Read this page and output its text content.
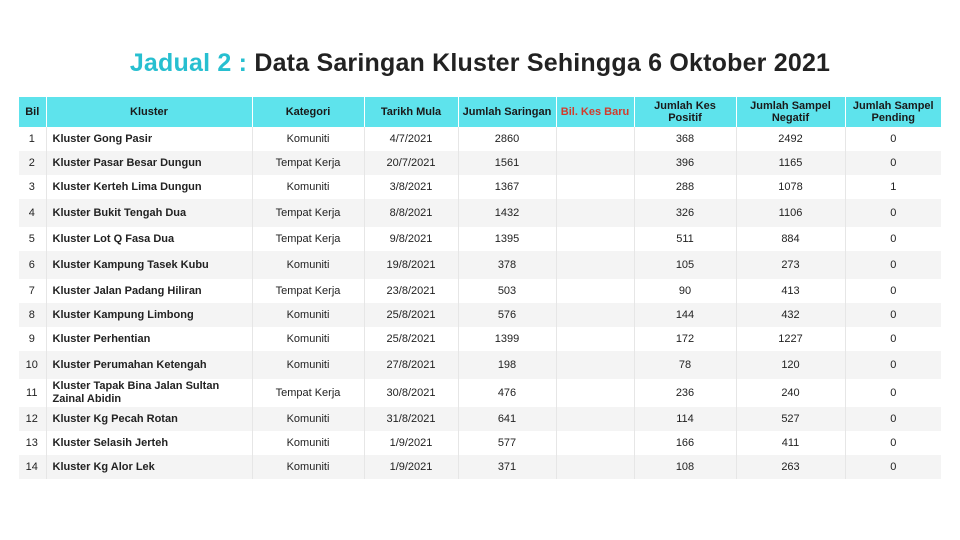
Jadual 2 : Data Saringan Kluster Sehingga 6 Oktober 2021
Bil	Kluster	Kategori	Tarikh Mula	Jumlah Saringan	Bil. Kes Baru	Jumlah Kes Positif	Jumlah Sampel Negatif	Jumlah Sampel Pending
1	Kluster Gong Pasir	Komuniti	4/7/2021	2860		368	2492	0
2	Kluster Pasar Besar Dungun	Tempat Kerja	20/7/2021	1561		396	1165	0
3	Kluster Kerteh Lima Dungun	Komuniti	3/8/2021	1367		288	1078	1
4	Kluster Bukit Tengah Dua	Tempat Kerja	8/8/2021	1432		326	1106	0
5	Kluster Lot Q Fasa Dua	Tempat Kerja	9/8/2021	1395		511	884	0
6	Kluster Kampung Tasek Kubu	Komuniti	19/8/2021	378		105	273	0
7	Kluster Jalan Padang Hiliran	Tempat Kerja	23/8/2021	503		90	413	0
8	Kluster Kampung Limbong	Komuniti	25/8/2021	576		144	432	0
9	Kluster Perhentian	Komuniti	25/8/2021	1399		172	1227	0
10	Kluster Perumahan Ketengah	Komuniti	27/8/2021	198		78	120	0
11	Kluster Tapak Bina Jalan Sultan Zainal Abidin	Tempat Kerja	30/8/2021	476		236	240	0
12	Kluster Kg Pecah Rotan	Komuniti	31/8/2021	641		114	527	0
13	Kluster Selasih Jerteh	Komuniti	1/9/2021	577		166	411	0
14	Kluster Kg Alor Lek	Komuniti	1/9/2021	371		108	263	0
